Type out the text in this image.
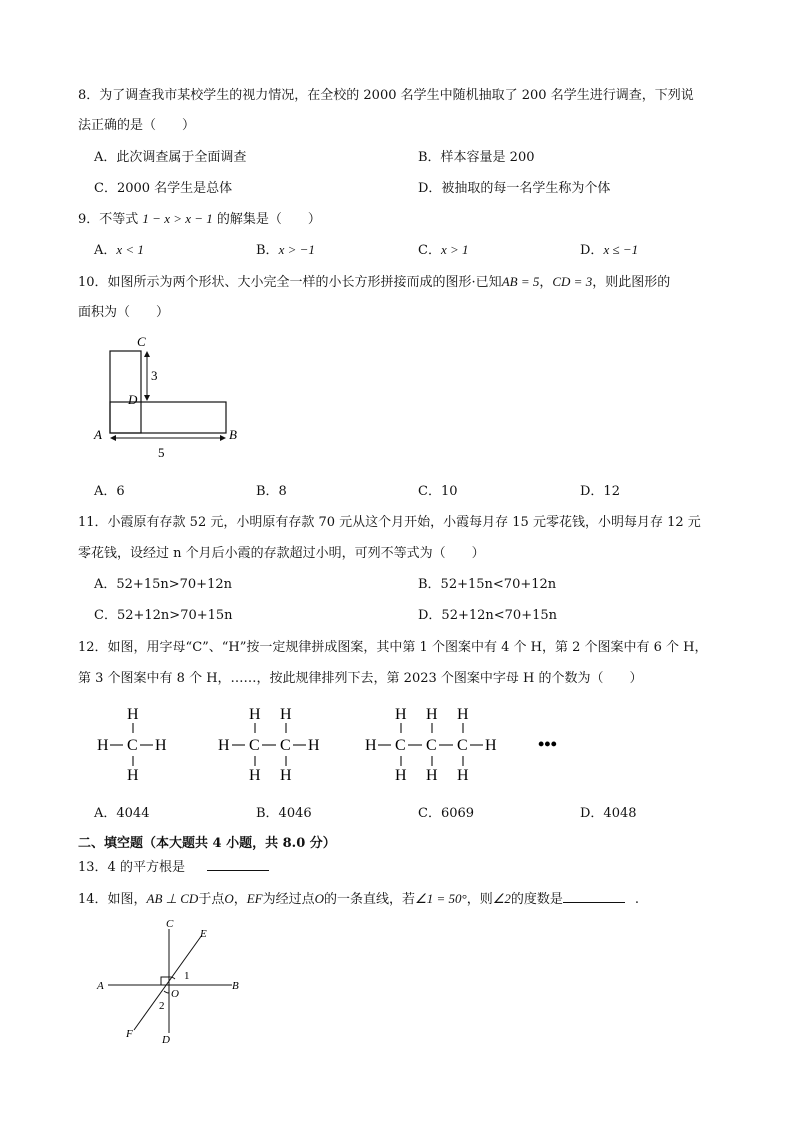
8．为了调查我市某校学生的视力情况，在全校的 2000 名学生中随机抽取了 200 名学生进行调查，下列说
法正确的是（　　）
A．此次调查属于全面调查	B．样本容量是 200
C．2000 名学生是总体	D．被抽取的每一名学生称为个体
9．不等式 1 − x > x − 1 的解集是（　　）
A．x < 1	B．x > −1	C．x > 1	D．x ≤ −1
10．如图所示为两个形状、大小完全一样的小长方形拼接而成的图形·已知AB = 5，CD = 3，则此图形的
面积为（　　）
3
5
C
D
A	B
A．6	B．8	C．10	D．12
11．小霞原有存款 52 元，小明原有存款 70 元从这个月开始，小霞每月存 15 元零花钱，小明每月存 12 元
零花钱，设经过 n 个月后小霞的存款超过小明，可列不等式为（　　）
A．52+15n>70+12n	B．52+15n<70+12n
C．52+12n>70+15n	D．52+12n<70+15n
12．如图，用字母“C”、“H”按一定规律拼成图案，其中第 1 个图案中有 4 个 H，第 2 个图案中有 6 个 H，
第 3 个图案中有 8 个 H，……，按此规律排列下去，第 2023 个图案中字母 H 的个数为（　　）
H
H C H
H
H H
H C C H
H H
H H H
H C C C H
H H H
•••
A．4044	B．4046	C．6069	D．4048
二、填空题（本大题共 4 小题，共 8.0 分）
13．4 的平方根是
14．如图，AB ⊥ CD于点O，EF为经过点O的一条直线，若∠1 = 50°，则∠2的度数是	.
C
E
1
A
O
B
2
F	D
